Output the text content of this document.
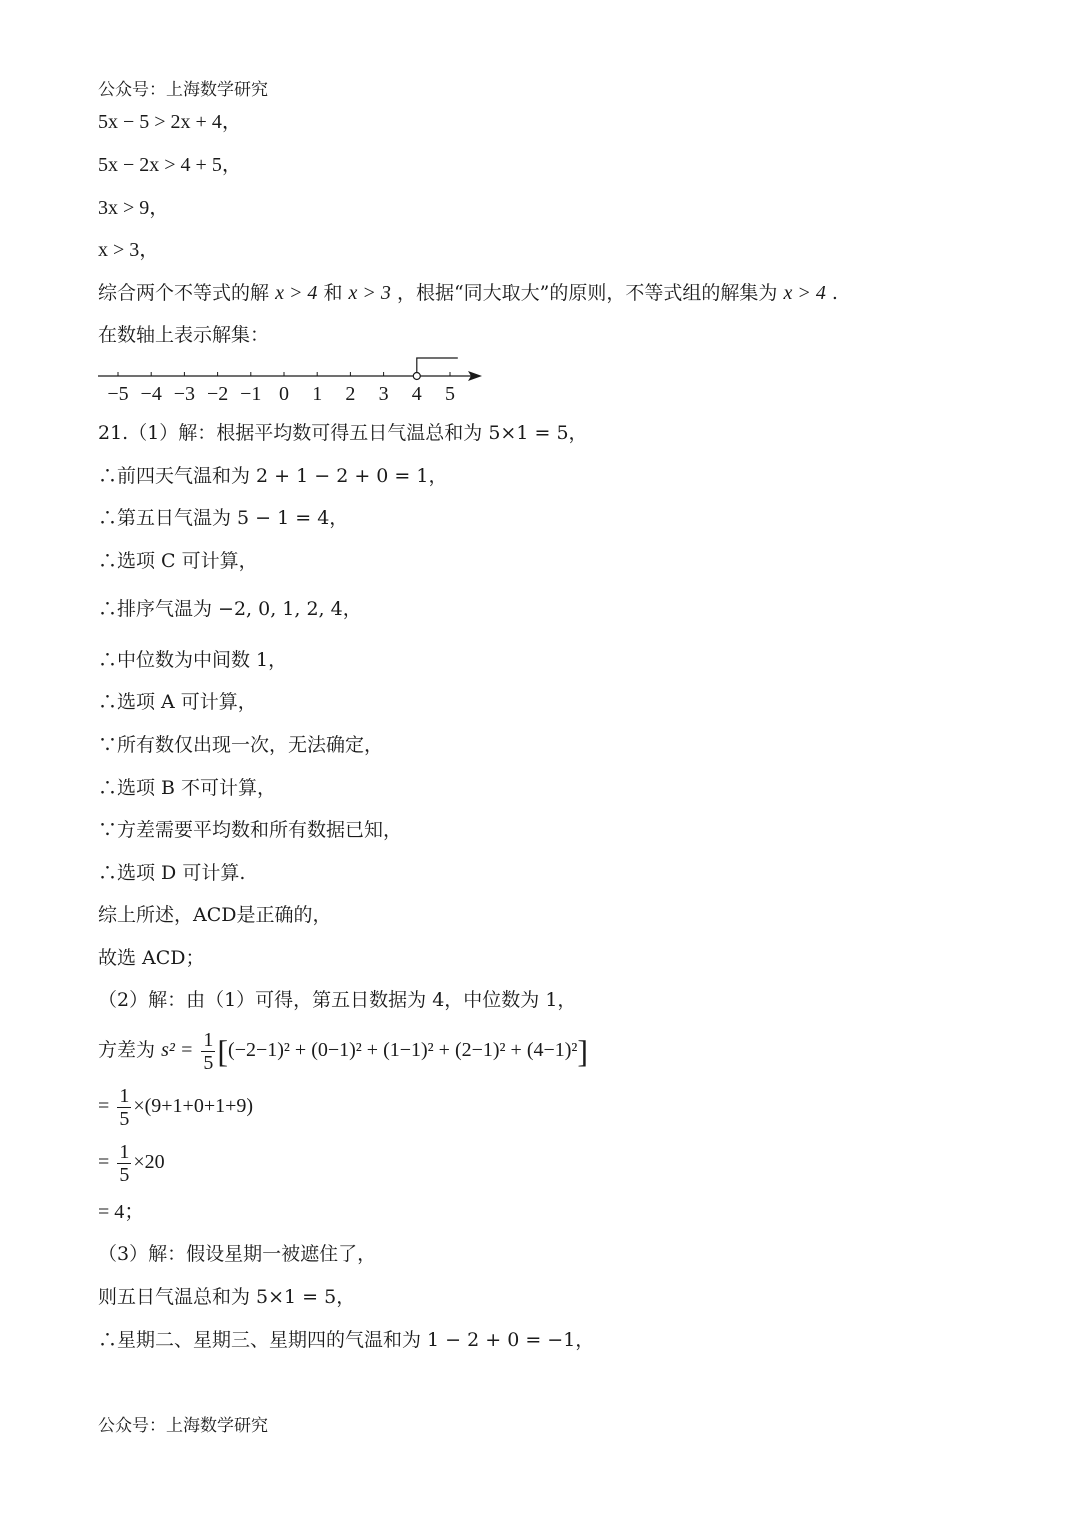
公众号：上海数学研究
5x − 5 > 2x + 4，
5x − 2x > 4 + 5，
3x > 9，
x > 3，
综合两个不等式的解 x > 4 和 x > 3 ，根据“同大取大”的原则，不等式组的解集为 x > 4 .
在数轴上表示解集：
−5 −4 −3 −2 −1 0 1 2 3 4 5
21.（1）解：根据平均数可得五日气温总和为 5×1 = 5，
∴前四天气温和为 2 + 1 − 2 + 0 = 1，
∴第五日气温为 5 − 1 = 4，
∴选项 C 可计算，
∴排序气温为 −2, 0, 1, 2, 4，
∴中位数为中间数 1，
∴选项 A 可计算，
∵所有数仅出现一次，无法确定，
∴选项 B 不可计算，
∵方差需要平均数和所有数据已知，
∴选项 D 可计算.
综上所述，ACD是正确的，
故选 ACD；
（2）解：由（1）可得，第五日数据为 4，中位数为 1，
方差为 $s^2 = \frac{1}{5} [(-2-1)^2 + (0-1)^2 + (1-1)^2 + (2-1)^2 + (4-1)^2]$
= $\frac{1}{5} \times(9+1+0+1+9)$
= $\frac{1}{5} \times 20$
= 4；
（3）解：假设星期一被遮住了，
则五日气温总和为 5×1 = 5，
∴星期二、星期三、星期四的气温和为 1 − 2 + 0 = −1，
公众号：上海数学研究
